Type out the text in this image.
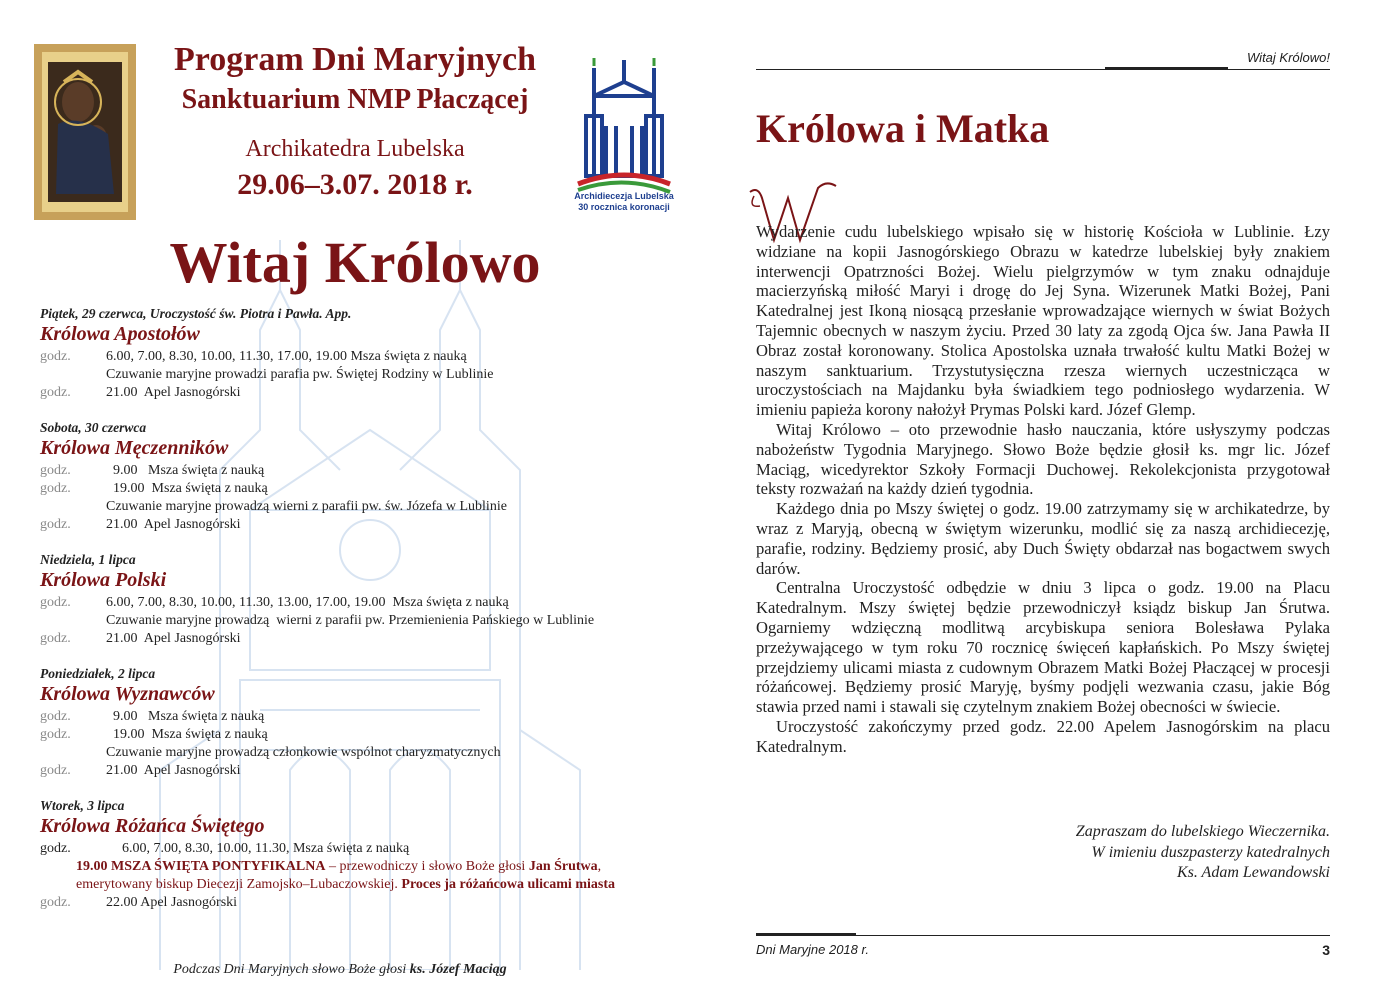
Archidiecezja Lubelska
30 rocznica koronacji
Program Dni Maryjnych
Sanktuarium NMP Płaczącej
Archikatedra Lubelska
29.06–3.07. 2018 r.
Witaj Królowo
Piątek, 29 czerwca, Uroczystość św. Piotra i Pawła. App.
Królowa Apostołów
godz.	6.00, 7.00, 8.30, 10.00, 11.30, 17.00, 19.00 Msza święta z nauką

Czuwanie maryjne prowadzi parafia pw. Świętej Rodziny w Lublinie
godz.	21.00  Apel Jasnogórski
Sobota, 30 czerwca
Królowa Męczenników
godz.	9.00   Msza święta z nauką
godz.	19.00  Msza święta z nauką

Czuwanie maryjne prowadzą wierni z parafii pw. św. Józefa w Lublinie
godz.	21.00  Apel Jasnogórski
Niedziela, 1 lipca
Królowa Polski
godz.	6.00, 7.00, 8.30, 10.00, 11.30, 13.00, 17.00, 19.00  Msza święta z nauką

Czuwanie maryjne prowadzą  wierni z parafii pw. Przemienienia Pańskiego w Lublinie
godz.	21.00  Apel Jasnogórski
Poniedziałek, 2 lipca
Królowa Wyznawców
godz.	9.00   Msza święta z nauką
godz.	19.00  Msza święta z nauką

Czuwanie maryjne prowadzą członkowie wspólnot charyzmatycznych
godz.	21.00  Apel Jasnogórski
Wtorek, 3 lipca
Królowa Różańca Świętego
godz.	6.00, 7.00, 8.30, 10.00, 11.30, Msza święta z nauką
19.00 MSZA ŚWIĘTA PONTYFIKALNA – przewodniczy i słowo Boże głosi Jan Śrutwa, emerytowany biskup Diecezji Zamojsko–Lubaczowskiej. Proces ja różańcowa ulicami miasta
godz.	22.00 Apel Jasnogórski
Podczas Dni Maryjnych słowo Boże głosi ks. Józef Maciąg
Witaj Królowo!
Królowa i Matka

Wydarzenie cudu lubelskiego wpisało się w historię Kościoła w Lublinie. Łzy widziane na kopii Jasnogórskiego Obrazu w katedrze lubelskiej były znakiem interwencji Opatrzności Bożej. Wielu pielgrzymów w tym znaku odnajduje macierzyńską miłość Maryi i drogę do Jej Syna. Wizerunek Matki Bożej, Pani Katedralnej jest Ikoną niosącą przesłanie wprowadzające wiernych w świat Bożych Tajemnic obecnych w naszym życiu. Przed 30 laty za zgodą Ojca św. Jana Pawła II Obraz został koronowany. Stolica Apostolska uznała trwałość kultu Matki Bożej w naszym sanktuarium. Trzystutysięczna rzesza wiernych uczestnicząca w uroczystościach na Majdanku była świadkiem tego podniosłego wydarzenia. W imieniu papieża korony nałożył Prymas Polski kard. Józef Glemp.

Witaj Królowo – oto przewodnie hasło nauczania, które usłyszymy podczas nabożeństw Tygodnia Maryjnego. Słowo Boże będzie głosił ks. mgr lic. Józef Maciąg, wicedyrektor Szkoły Formacji Duchowej. Rekolekcjonista przygotował teksty rozważań na każdy dzień tygodnia.

Każdego dnia po Mszy świętej o godz. 19.00 zatrzymamy się w archikatedrze, by wraz z Maryją, obecną w świętym wizerunku, modlić się za naszą archidiecezję, parafie, rodziny. Będziemy prosić, aby Duch Święty obdarzał nas bogactwem swych darów.

Centralna Uroczystość odbędzie w dniu 3 lipca o godz. 19.00 na Placu Katedralnym. Mszy świętej będzie przewodniczył ksiądz biskup Jan Śrutwa. Ogarniemy wdzięczną modlitwą arcybiskupa seniora Bolesława Pylaka przeżywającego w tym roku 70 rocznicę święceń kapłańskich. Po Mszy świętej przejdziemy ulicami miasta z cudownym Obrazem Matki Bożej Płaczącej w procesji różańcowej. Będziemy prosić Maryję, byśmy podjęli wezwania czasu, jakie Bóg stawia przed nami i stawali się czytelnym znakiem Bożej obecności w świecie.

Uroczystość zakończymy przed godz. 22.00 Apelem Jasnogórskim na placu Katedralnym.

Zapraszam do lubelskiego Wieczernika.
W imieniu duszpasterzy katedralnych
Ks. Adam Lewandowski
Dni Maryjne 2018 r.	3
